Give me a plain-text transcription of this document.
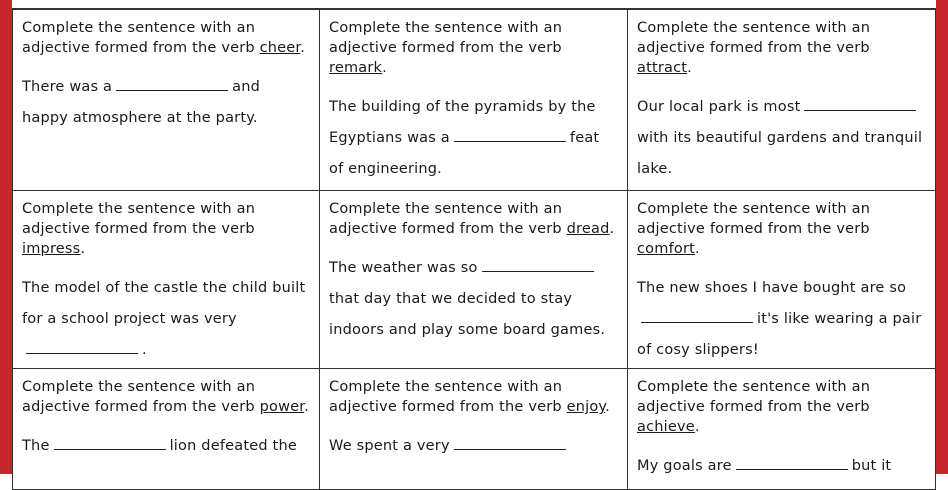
Complete the sentence with an adjective formed from the verb cheer.
There was a	and happy atmosphere at the party.
Complete the sentence with an adjective formed from the verb remark.
The building of the pyramids by the Egyptians was a	feat of engineering.
Complete the sentence with an adjective formed from the verb attract.
Our local park is mostwith its beautiful gardens and tranquil lake.
Complete the sentence with an adjective formed from the verb impress.
The model of the castle the child built for a school project was very.
Complete the sentence with an adjective formed from the verb dread.
The weather was sothat day that we decided to stay indoors and play some board games.
Complete the sentence with an adjective formed from the verb comfort.
The new shoes I have bought are soit's like wearing a pair of cosy slippers!
Complete the sentence with an adjective formed from the verb power.
The	lion defeated the
Complete the sentence with an adjective formed from the verb enjoy.
We spent a very
Complete the sentence with an adjective formed from the verb achieve.
My goals are	but it
